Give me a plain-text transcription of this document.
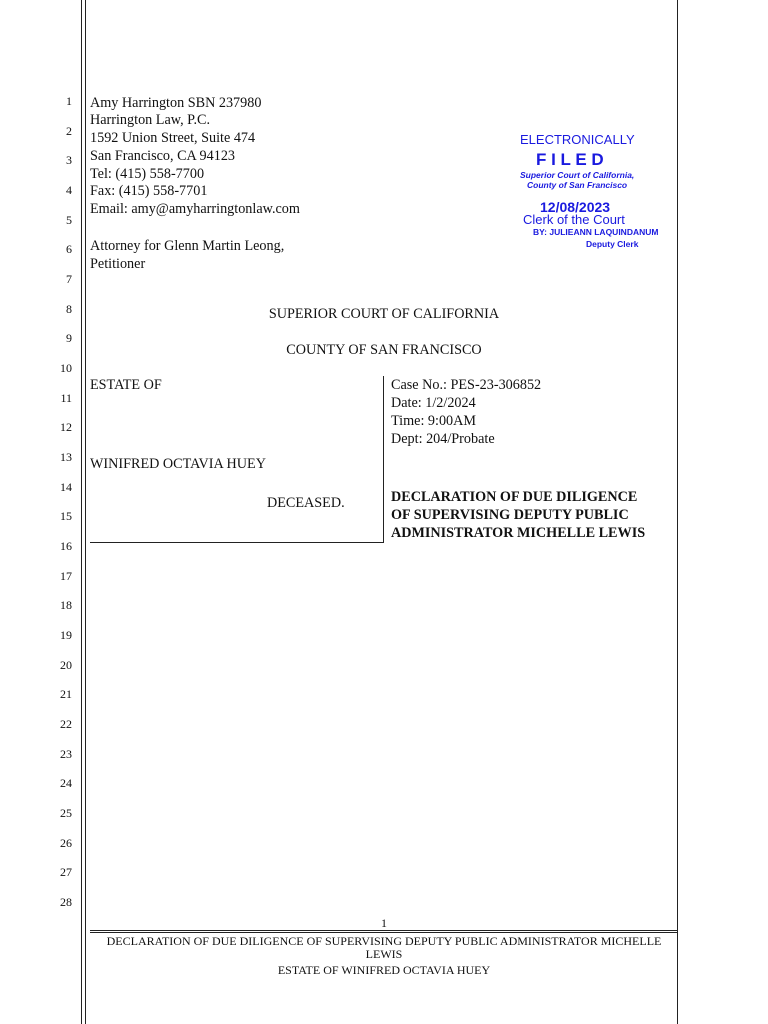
1
2
3
4
5
6
7
8
9
10
11
12
13
14
15
16
17
18
19
20
21
22
23
24
25
26
27
28
Amy Harrington SBN 237980
Harrington Law, P.C.
1592 Union Street, Suite 474
San Francisco, CA 94123
Tel: (415) 558-7700
Fax: (415) 558-7701
Email: amy@amyharringtonlaw.com
Attorney for Glenn Martin Leong,
Petitioner
ELECTRONICALLY
F I L E D
Superior Court of California,
County of San Francisco
12/08/2023
Clerk of the Court
BY: JULIEANN LAQUINDANUM
Deputy Clerk
SUPERIOR COURT OF CALIFORNIA
COUNTY OF SAN FRANCISCO
ESTATE OF
WINIFRED OCTAVIA HUEY
DECEASED.
Case No.: PES-23-306852
Date: 1/2/2024
Time: 9:00AM
Dept: 204/Probate
DECLARATION OF DUE DILIGENCE
OF SUPERVISING DEPUTY PUBLIC
ADMINISTRATOR MICHELLE LEWIS
1
DECLARATION OF DUE DILIGENCE OF SUPERVISING DEPUTY PUBLIC ADMINISTRATOR MICHELLE
LEWIS
ESTATE OF WINIFRED OCTAVIA HUEY
